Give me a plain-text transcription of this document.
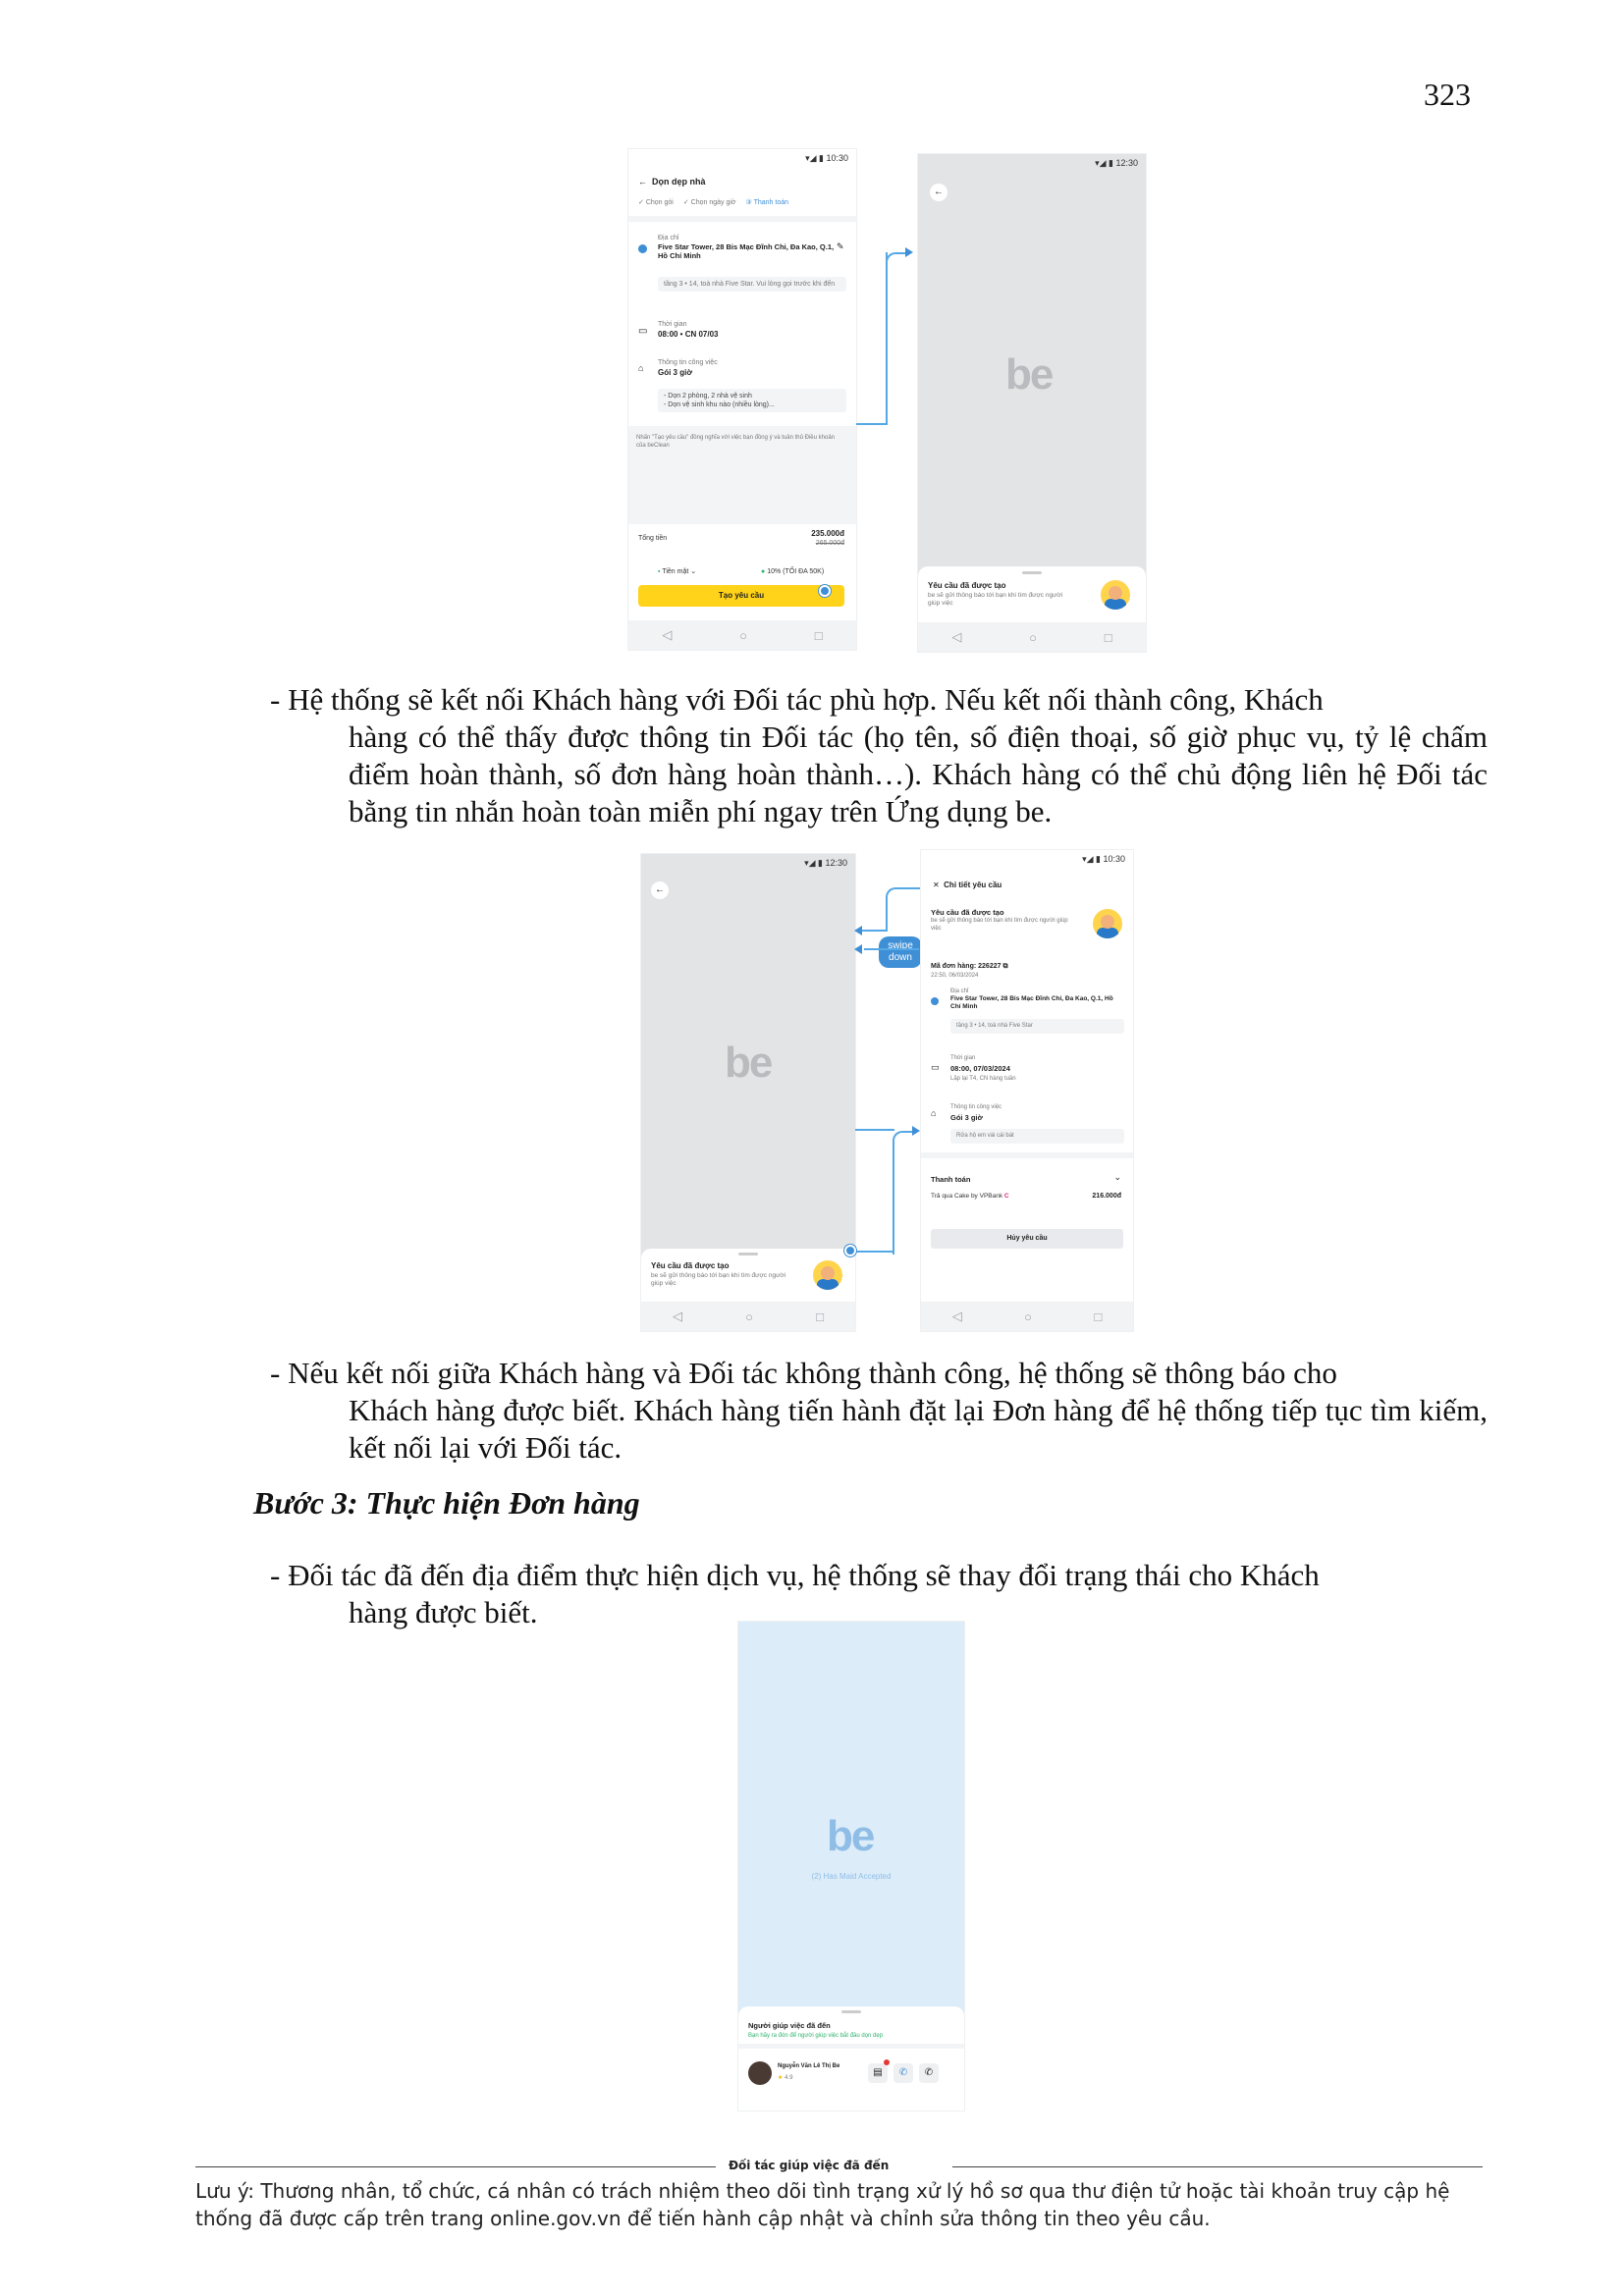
323
▾◢ ▮ 10:30
← Dọn dẹp nhà
✓ Chọn gói ✓ Chọn ngày giờ ③ Thanh toán
Địa chỉ
Five Star Tower, 28 Bis Mạc Đĩnh Chi, Đa Kao, Q.1, Hồ Chí Minh
✎
tầng 3 • 14, toà nhà Five Star. Vui lòng gọi trước khi đến
Thời gian
▭ 08:00 • CN 07/03
Thông tin công việc
⌂ Gói 3 giờ
- Dọn 2 phòng, 2 nhà vệ sinh
- Dọn vệ sinh khu nào (nhiều lòng)...
Nhấn "Tạo yêu cầu" đồng nghĩa với việc bạn đồng ý và tuân thủ Điều khoản của beClean
Tổng tiền
235.000đ
265.000đ
▪ Tiền mặt ⌄	● 10% (TỐI ĐA 50K)
Tạo yêu cầu
◁	○	□
▾◢ ▮ 12:30
←
be
Yêu cầu đã được tạo
be sẽ gửi thông báo tới bạn khi tìm được người giúp việc
◁	○	□
- Hệ thống sẽ kết nối Khách hàng với Đối tác phù hợp. Nếu kết nối thành công, Khách
hàng có thể thấy được thông tin Đối tác (họ tên, số điện thoại, số giờ phục vụ, tỷ lệ chấm điểm hoàn thành, số đơn hàng hoàn thành…). Khách hàng có thể chủ động liên hệ Đối tác bằng tin nhắn hoàn toàn miễn phí ngay trên Ứng dụng be.
▾◢ ▮ 12:30
←
be
Yêu cầu đã được tạo
be sẽ gửi thông báo tới bạn khi tìm được người giúp việc
◁	○	□
swipe down
▾◢ ▮ 10:30
✕ Chi tiết yêu cầu
Yêu cầu đã được tạo
be sẽ gửi thông báo tới bạn khi tìm được người giúp việc
Mã đơn hàng: 226227 ⧉
22:50, 06/03/2024
Địa chỉ
Five Star Tower, 28 Bis Mạc Đĩnh Chi, Đa Kao, Q.1, Hồ Chí Minh
tầng 3 • 14, toà nhà Five Star
Thời gian
▭ 08:00, 07/03/2024
Lặp lại T4, CN hàng tuần
Thông tin công việc
⌂ Gói 3 giờ
Rửa hộ em vài cái bát
Thanh toán	⌄
Trả qua Cake by VPBank C	216.000đ
Hủy yêu cầu
◁	○	□
- Nếu kết nối giữa Khách hàng và Đối tác không thành công, hệ thống sẽ thông báo cho
Khách hàng được biết. Khách hàng tiến hành đặt lại Đơn hàng để hệ thống tiếp tục tìm kiếm, kết nối lại với Đối tác.
Bước 3: Thực hiện Đơn hàng
- Đối tác đã đến địa điểm thực hiện dịch vụ, hệ thống sẽ thay đổi trạng thái cho Khách
hàng được biết.
be
(2) Has Maid Accepted
Người giúp việc đã đến
Bạn hãy ra đón để người giúp việc bắt đầu dọn dẹp
Nguyễn Văn Lê Thị Be
★ 4.9	▤	✆	✆
Đối tác giúp việc đã đến
Lưu ý: Thương nhân, tổ chức, cá nhân có trách nhiệm theo dõi tình trạng xử lý hồ sơ qua thư điện tử hoặc tài khoản truy cập hệ thống đã được cấp trên trang online.gov.vn để tiến hành cập nhật và chỉnh sửa thông tin theo yêu cầu.
